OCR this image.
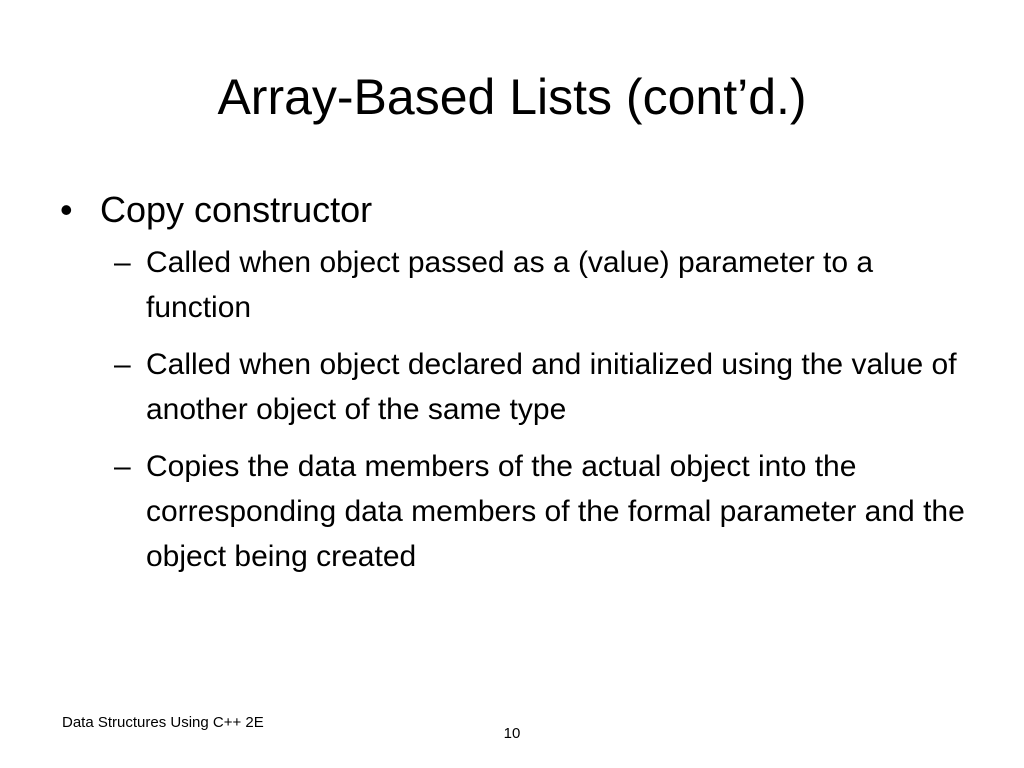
Array-Based Lists (cont’d.)
• Copy constructor
– Called when object passed as a (value) parameter to a function
– Called when object declared and initialized using the value of another object of the same type
– Copies the data members of the actual object into the corresponding data members of the formal parameter and the object being created
Data Structures Using C++ 2E
10
